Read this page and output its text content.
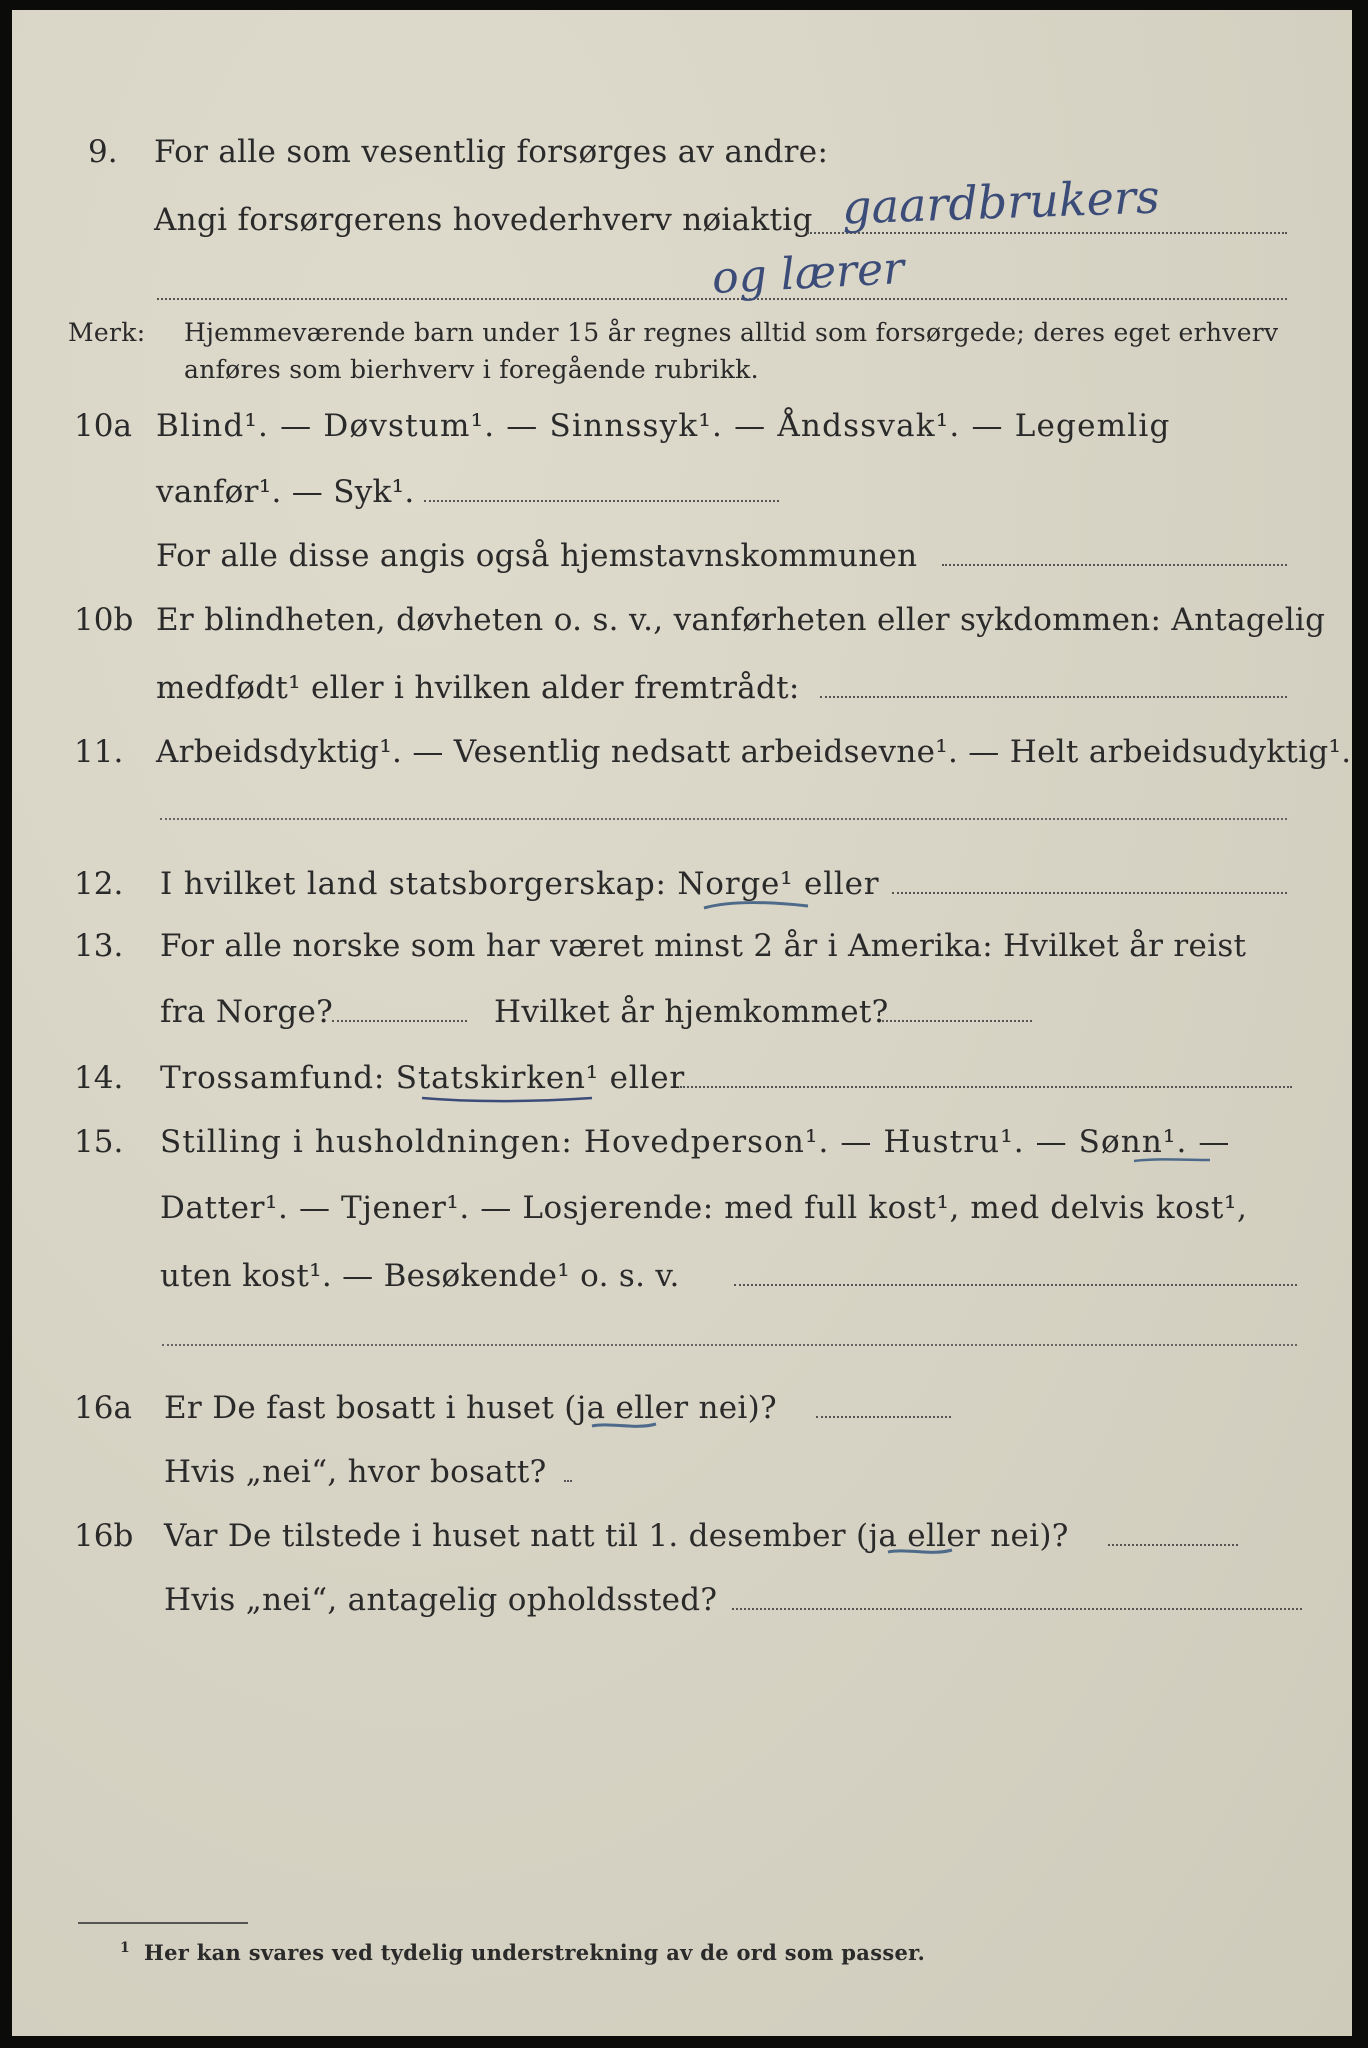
9. For alle som vesentlig forsørges av andre:
Angi forsørgerens hovederhverv nøiaktig gaardbrukers
og lærer
Merk: Hjemmeværende barn under 15 år regnes alltid som forsørgede; deres eget erhverv
anføres som bierhverv i foregående rubrikk.
10a Blind¹. — Døvstum¹. — Sinnssyk¹. — Åndssvak¹. — Legemlig
vanfør¹. — Syk¹.
For alle disse angis også hjemstavnskommunen
10b Er blindheten, døvheten o. s. v., vanførheten eller sykdommen: Antagelig
medfødt¹ eller i hvilken alder fremtrådt:
11. Arbeidsdyktig¹. — Vesentlig nedsatt arbeidsevne¹. — Helt arbeidsudyktig¹.
12. I hvilket land statsborgerskap: Norge¹ eller
13. For alle norske som har været minst 2 år i Amerika: Hvilket år reist
fra Norge?	Hvilket år hjemkommet?
14. Trossamfund: Statskirken¹ eller
15. Stilling i husholdningen: Hovedperson¹. — Hustru¹. — Sønn¹. —
Datter¹. — Tjener¹. — Losjerende: med full kost¹, med delvis kost¹,
uten kost¹. — Besøkende¹ o. s. v.
16a Er De fast bosatt i huset (ja eller nei)?
Hvis „nei“, hvor bosatt?
16b Var De tilstede i huset natt til 1. desember (ja eller nei)?
Hvis „nei“, antagelig opholdssted?
1 Her kan svares ved tydelig understrekning av de ord som passer.
